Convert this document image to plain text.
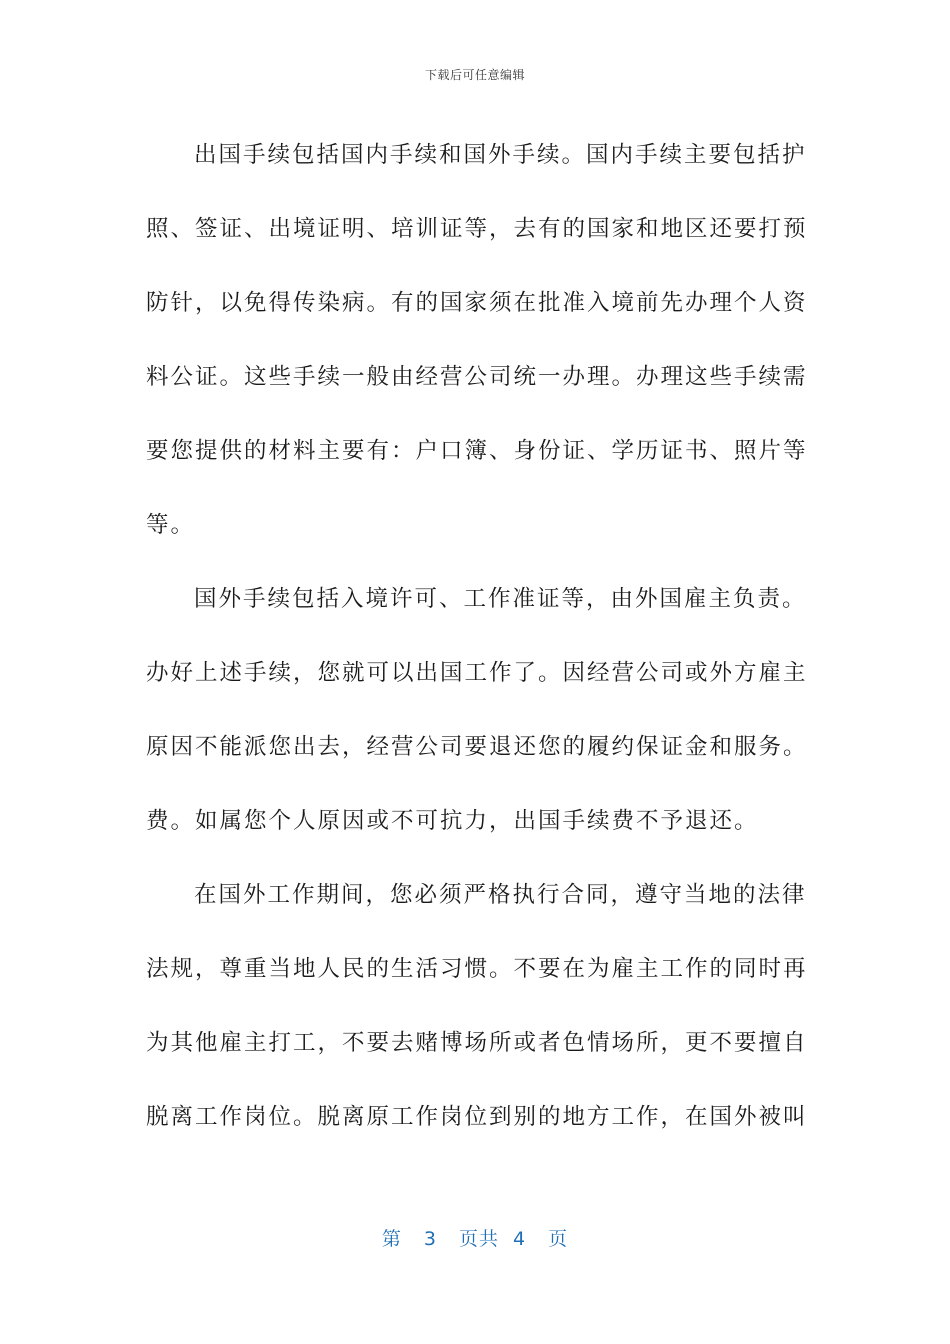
下载后可任意编辑

出国手续包括国内手续和国外手续。国内手续主要包括护
照、签证、出境证明、培训证等，去有的国家和地区还要打预
防针，以免得传染病。有的国家须在批准入境前先办理个人资
料公证。这些手续一般由经营公司统一办理。办理这些手续需
要您提供的材料主要有：户口簿、身份证、学历证书、照片等
等。

国外手续包括入境许可、工作准证等，由外国雇主负责。
办好上述手续，您就可以出国工作了。因经营公司或外方雇主
原因不能派您出去，经营公司要退还您的履约保证金和服务。
费。如属您个人原因或不可抗力，出国手续费不予退还。

在国外工作期间，您必须严格执行合同，遵守当地的法律
法规，尊重当地人民的生活习惯。不要在为雇主工作的同时再
为其他雇主打工，不要去赌博场所或者色情场所，更不要擅自
脱离工作岗位。脱离原工作岗位到别的地方工作，在国外被叫

第 3 页共 4 页
